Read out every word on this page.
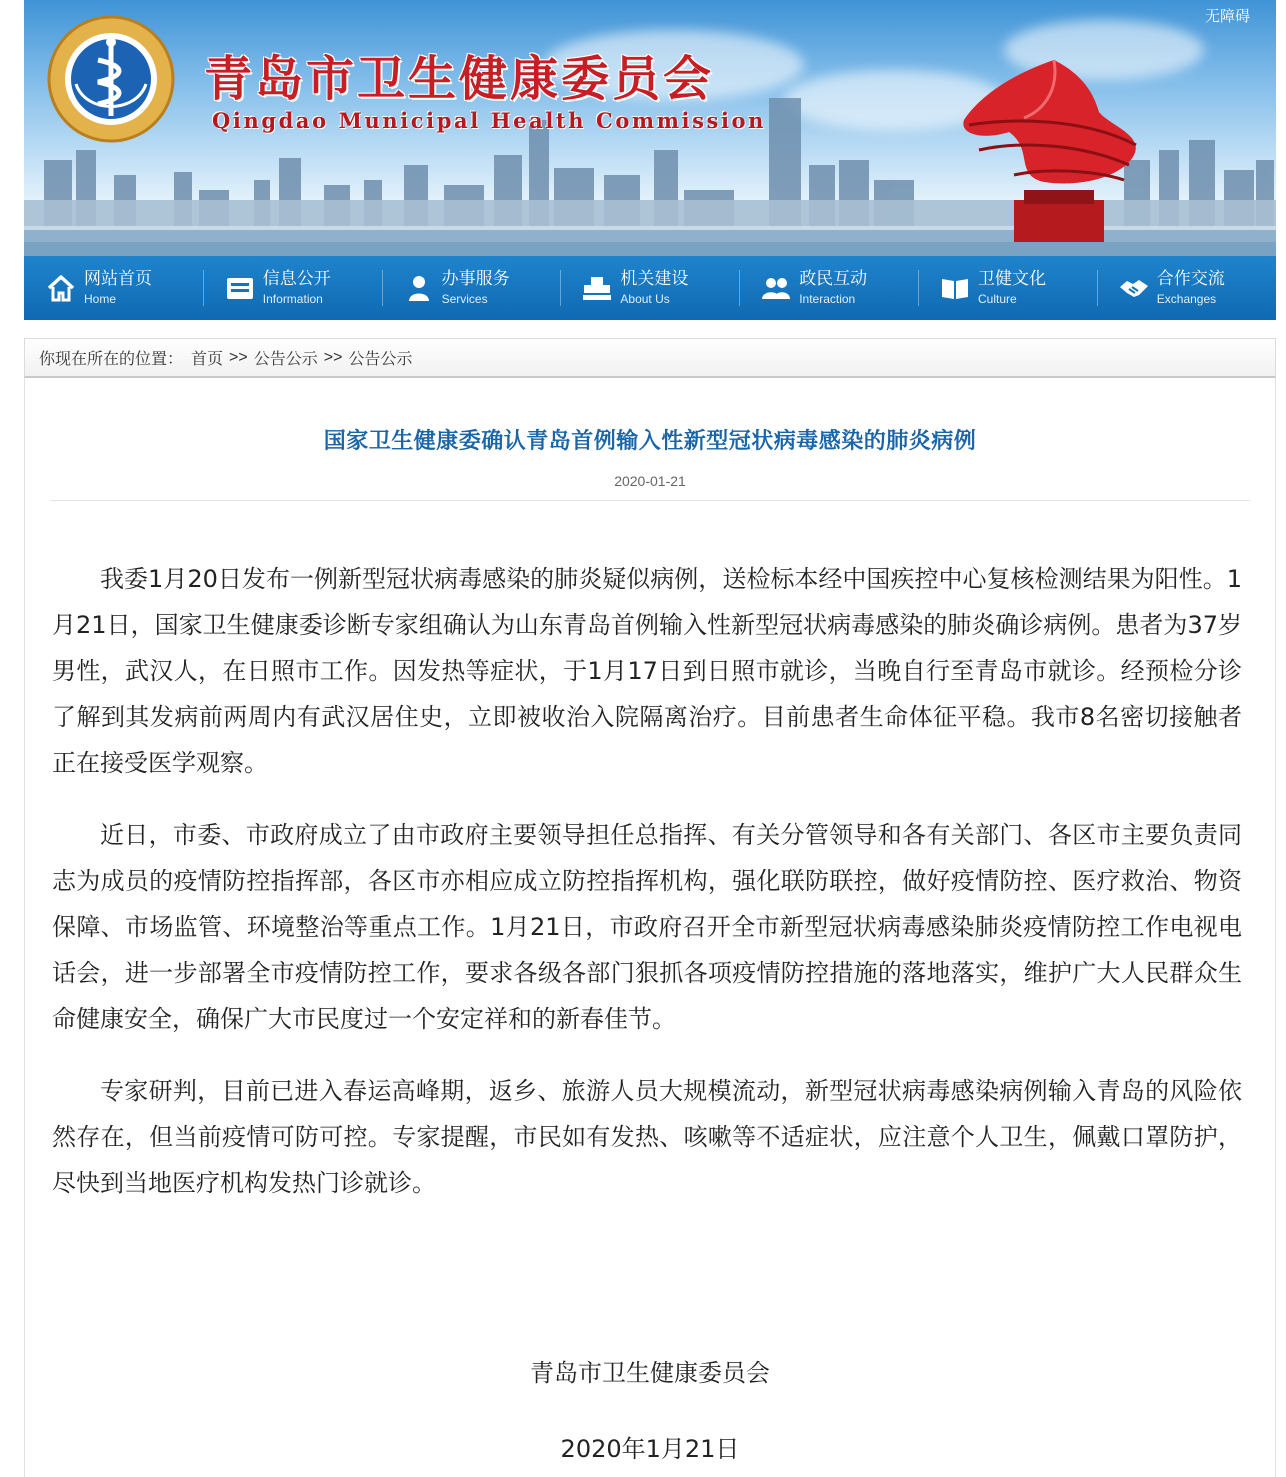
无障碍
青岛市卫生健康委员会
Qingdao Municipal Health Commission
网站首页
Home
信息公开
Information
办事服务
Services
机关建设
About Us
政民互动
Interaction
卫健文化
Culture
合作交流
Exchanges
你现在所在的位置： 首页 >> 公告公示 >> 公告公示
国家卫生健康委确认青岛首例输入性新型冠状病毒感染的肺炎病例
2020-01-21

我委1月20日发布一例新型冠状病毒感染的肺炎疑似病例，送检标本经中国疾控中心复核检测结果为阳性。1月21日，国家卫生健康委诊断专家组确认为山东青岛首例输入性新型冠状病毒感染的肺炎确诊病例。患者为37岁男性，武汉人，在日照市工作。因发热等症状，于1月17日到日照市就诊，当晚自行至青岛市就诊。经预检分诊了解到其发病前两周内有武汉居住史，立即被收治入院隔离治疗。目前患者生命体征平稳。我市8名密切接触者正在接受医学观察。

近日，市委、市政府成立了由市政府主要领导担任总指挥、有关分管领导和各有关部门、各区市主要负责同志为成员的疫情防控指挥部，各区市亦相应成立防控指挥机构，强化联防联控，做好疫情防控、医疗救治、物资保障、市场监管、环境整治等重点工作。1月21日，市政府召开全市新型冠状病毒感染肺炎疫情防控工作电视电话会，进一步部署全市疫情防控工作，要求各级各部门狠抓各项疫情防控措施的落地落实，维护广大人民群众生命健康安全，确保广大市民度过一个安定祥和的新春佳节。

专家研判，目前已进入春运高峰期，返乡、旅游人员大规模流动，新型冠状病毒感染病例输入青岛的风险依然存在，但当前疫情可防可控。专家提醒，市民如有发热、咳嗽等不适症状，应注意个人卫生，佩戴口罩防护，尽快到当地医疗机构发热门诊就诊。

青岛市卫生健康委员会
2020年1月21日
